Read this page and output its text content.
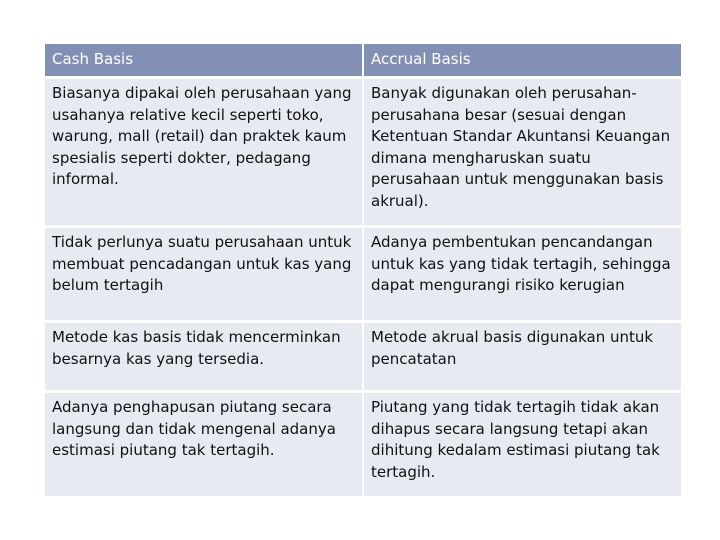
Cash Basis	Accrual Basis
Biasanya dipakai oleh perusahaan yang usahanya relative kecil seperti toko, warung, mall (retail) dan praktek kaum spesialis seperti dokter, pedagang informal.
Banyak digunakan oleh perusahan-perusahana besar (sesuai dengan Ketentuan Standar Akuntansi Keuangan dimana mengharuskan suatu perusahaan untuk menggunakan basis akrual).
Tidak perlunya suatu perusahaan untuk membuat pencadangan untuk kas yang belum tertagih
Adanya pembentukan pencandangan untuk kas yang tidak tertagih, sehingga dapat mengurangi risiko kerugian
Metode kas basis tidak mencerminkan besarnya kas yang tersedia.
Metode akrual basis digunakan untuk pencatatan
Adanya penghapusan piutang secara langsung dan tidak mengenal adanya estimasi piutang tak tertagih.
Piutang yang tidak tertagih tidak akan dihapus secara langsung tetapi akan dihitung kedalam estimasi piutang tak tertagih.
